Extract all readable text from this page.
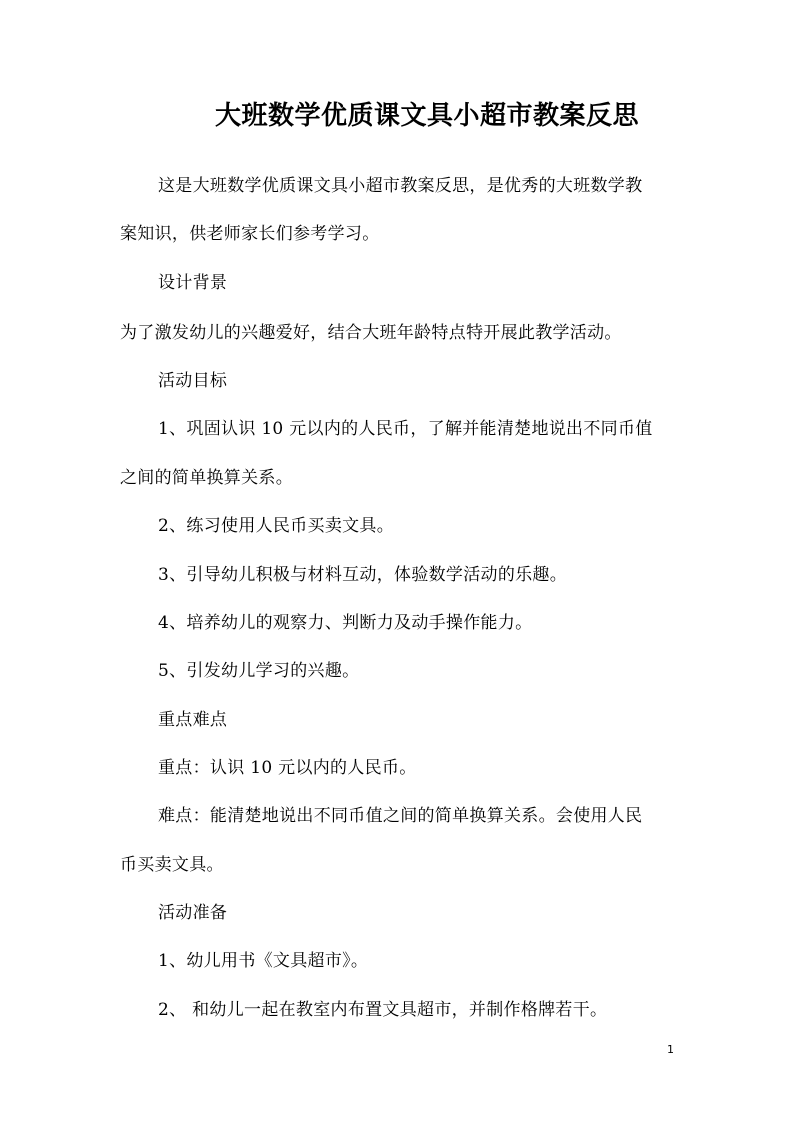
大班数学优质课文具小超市教案反思
这是大班数学优质课文具小超市教案反思，是优秀的大班数学教
案知识，供老师家长们参考学习。
设计背景
为了激发幼儿的兴趣爱好，结合大班年龄特点特开展此教学活动。
活动目标
1、巩固认识 10 元以内的人民币，了解并能清楚地说出不同币值
之间的简单换算关系。
2、练习使用人民币买卖文具。
3、引导幼儿积极与材料互动，体验数学活动的乐趣。
4、培养幼儿的观察力、判断力及动手操作能力。
5、引发幼儿学习的兴趣。
重点难点
重点：认识 10 元以内的人民币。
难点：能清楚地说出不同币值之间的简单换算关系。会使用人民
币买卖文具。
活动准备
1、幼儿用书《文具超市》。
2、 和幼儿一起在教室内布置文具超市，并制作格牌若干。
1
